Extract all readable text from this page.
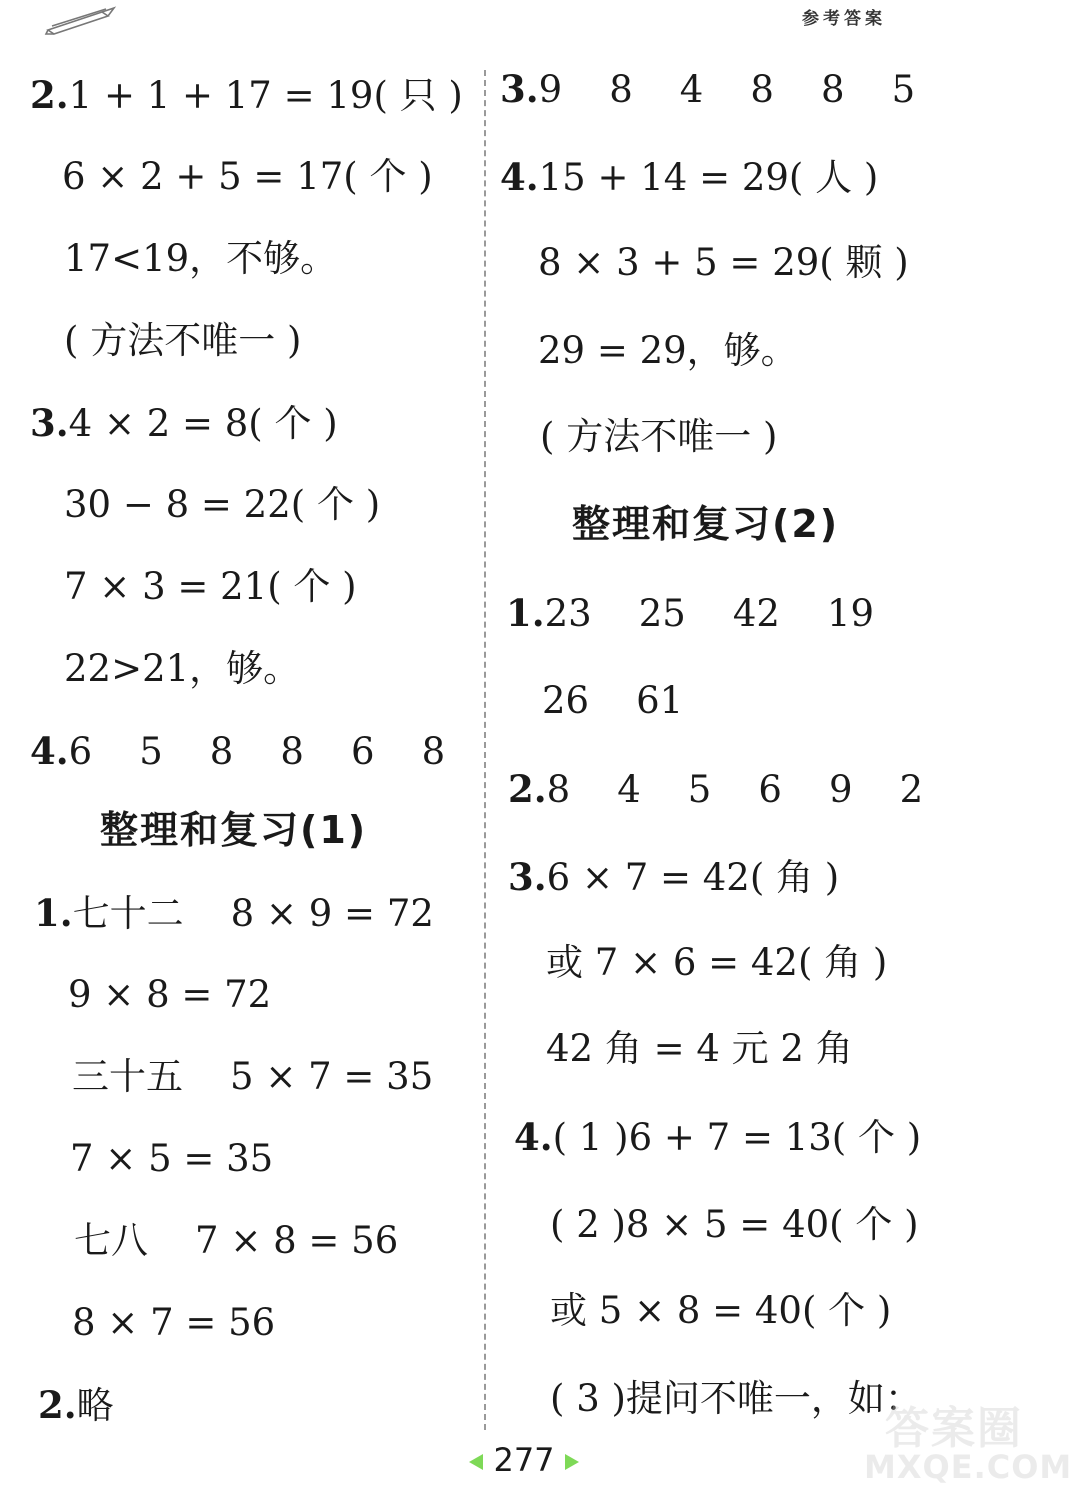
参考答案
2.1 + 1 + 17 = 19( 只 )
6 × 2 + 5 = 17( 个 )
17<19，不够。
( 方法不唯一 )
3.4 × 2 = 8( 个 )
30 − 8 = 22( 个 )
7 × 3 = 21( 个 )
22>21，够。
4.6    5    8    8    6    8
整理和复习(1)
1.七十二    8 × 9 = 72
9 × 8 = 72
三十五    5 × 7 = 35
7 × 5 = 35
七八    7 × 8 = 56
8 × 7 = 56
2.略
3.9    8    4    8    8    5
4.15 + 14 = 29( 人 )
8 × 3 + 5 = 29( 颗 )
29 = 29，够。
( 方法不唯一 )
整理和复习(2)
1.23    25    42    19
26    61
2.8    4    5    6    9    2
3.6 × 7 = 42( 角 )
或 7 × 6 = 42( 角 )
42 角 = 4 元 2 角
4.( 1 )6 + 7 = 13( 个 )
( 2 )8 × 5 = 40( 个 )
或 5 × 8 = 40( 个 )
( 3 )提问不唯一，如：
277
答案圈
MXQE.COM
